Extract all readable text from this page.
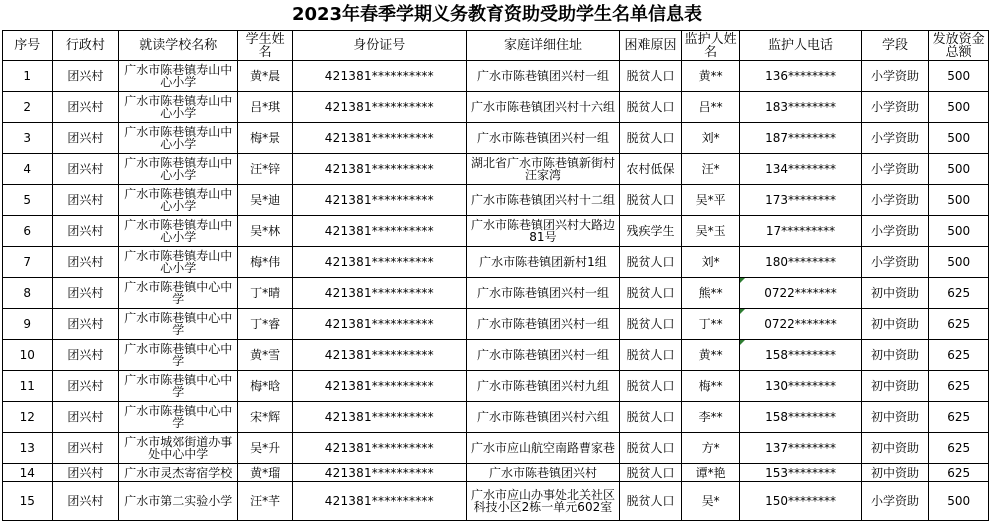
2023年春季学期义务教育资助受助学生名单信息表
序号	行政村	就读学校名称	学生姓名	身份证号	家庭详细住址	困难原因	监护人姓名	监护人电话	学段	发放资金总额
1	团兴村	广水市陈巷镇寿山中心小学	黄*晨	421381**********	广水市陈巷镇团兴村一组	脱贫人口	黄**	136********	小学资助	500
2	团兴村	广水市陈巷镇寿山中心小学	吕*琪	421381**********	广水市陈巷镇团兴村十六组	脱贫人口	吕**	183********	小学资助	500
3	团兴村	广水市陈巷镇寿山中心小学	梅*景	421381**********	广水市陈巷镇团兴村一组	脱贫人口	刘*	187********	小学资助	500
4	团兴村	广水市陈巷镇寿山中心小学	汪*锌	421381**********	湖北省广水市陈巷镇新街村汪家湾	农村低保	汪*	134********	小学资助	500
5	团兴村	广水市陈巷镇寿山中心小学	吴*迪	421381**********	广水市陈巷镇团兴村十二组	脱贫人口	吴*平	173********	小学资助	500
6	团兴村	广水市陈巷镇寿山中心小学	吴*林	421381**********	广水市陈巷镇团兴村大路边81号	残疾学生	吴*玉	17*********	小学资助	500
7	团兴村	广水市陈巷镇寿山中心小学	梅*伟	421381**********	广水市陈巷镇团新村1组	脱贫人口	刘*	180********	小学资助	500
8	团兴村	广水市陈巷镇中心中学	丁*晴	421381**********	广水市陈巷镇团兴村一组	脱贫人口	熊**	0722*******	初中资助	625
9	团兴村	广水市陈巷镇中心中学	丁*睿	421381**********	广水市陈巷镇团兴村一组	脱贫人口	丁**	0722*******	初中资助	625
10	团兴村	广水市陈巷镇中心中学	黄*雪	421381**********	广水市陈巷镇团兴村一组	脱贫人口	黄**	158********	初中资助	625
11	团兴村	广水市陈巷镇中心中学	梅*晗	421381**********	广水市陈巷镇团兴村九组	脱贫人口	梅**	130********	初中资助	625
12	团兴村	广水市陈巷镇中心中学	宋*辉	421381**********	广水市陈巷镇团兴村六组	脱贫人口	李**	158********	初中资助	625
13	团兴村	广水市城郊街道办事处中心中学	吴*升	421381**********	广水市应山航空南路曹家巷	脱贫人口	方*	137********	初中资助	625
14	团兴村	广水市灵杰寄宿学校	黄*瑠	421381**********	广水市陈巷镇团兴村	脱贫人口	谭*艳	153********	初中资助	625
15	团兴村	广水市第二实验小学	汪*芊	421381**********	广水市应山办事处北关社区科技小区2栋一单元602室	脱贫人口	吴*	150********	小学资助	500
